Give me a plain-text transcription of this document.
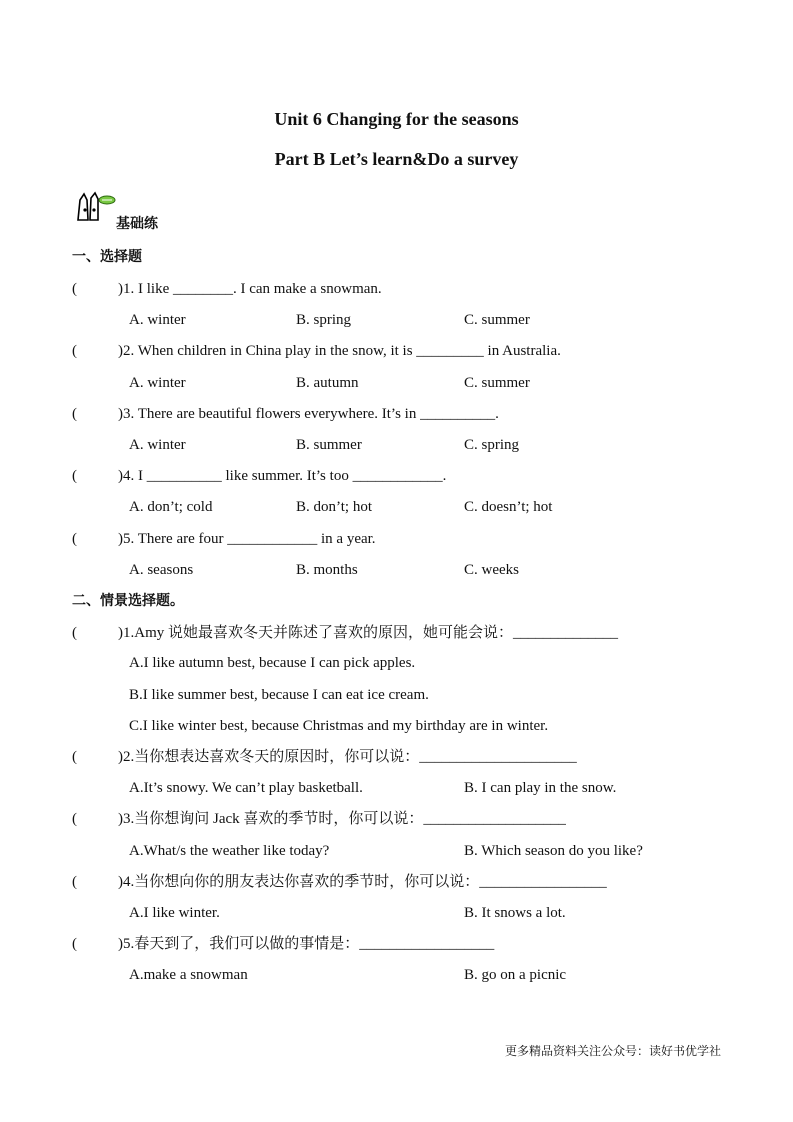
Unit 6 Changing for the seasons
Part B Let’s learn&Do a survey
基础练
一、选择题
(	)1. I like ________. I can make a snowman.
A. winter	B. spring	C. summer
(	)2. When children in China play in the snow, it is _________ in Australia.
A. winter	B. autumn	C. summer
(	)3. There are beautiful flowers everywhere. It’s in __________.
A. winter	B. summer	C. spring
(	)4. I __________ like summer. It’s too ____________.
A. don’t; cold	B. don’t; hot	C. doesn’t; hot
(	)5. There are four ____________ in a year.
A. seasons	B. months	C. weeks
二、情景选择题。
(	)1.Amy 说她最喜欢冬天并陈述了喜欢的原因，她可能会说：______________
A.I like autumn best, because I can pick apples.
B.I like summer best, because I can eat ice cream.
C.I like winter best, because Christmas and my birthday are in winter.
(	)2.当你想表达喜欢冬天的原因时，你可以说：_____________________
A.It’s snowy. We can’t play basketball.	B. I can play in the snow.
(	)3.当你想询问 Jack 喜欢的季节时，你可以说：___________________
A.What/s the weather like today?	B. Which season do you like?
(	)4.当你想向你的朋友表达你喜欢的季节时，你可以说：_________________
A.I like winter.	B. It snows a lot.
(	)5.春天到了，我们可以做的事情是：__________________
A.make a snowman	B. go on a picnic
更多精品资料关注公众号：读好书优学社
